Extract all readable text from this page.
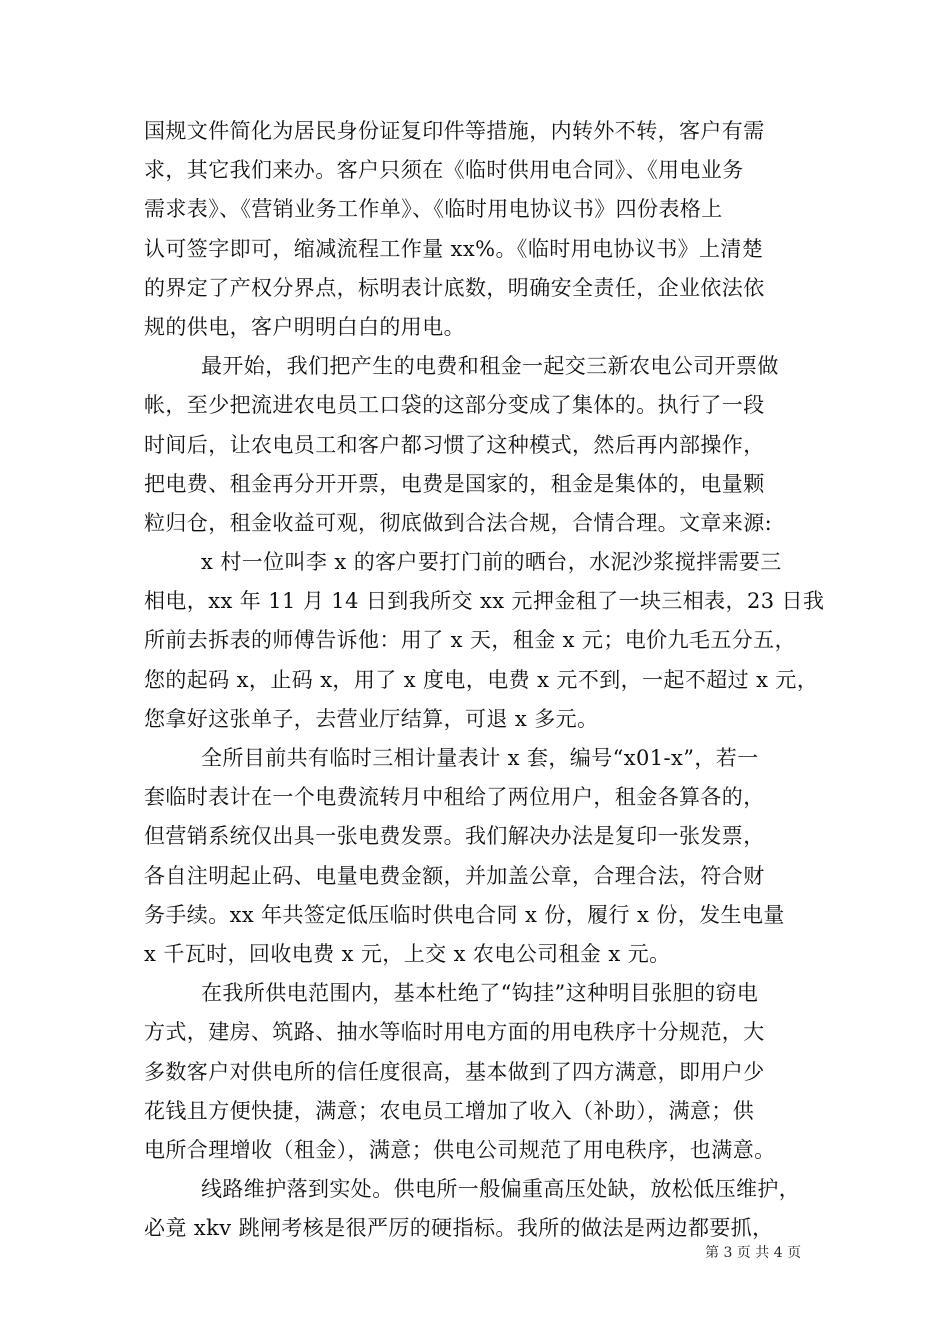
国规文件简化为居民身份证复印件等措施，内转外不转，客户有需
求，其它我们来办。客户只须在《临时供用电合同》、《用电业务
需求表》、《营销业务工作单》、《临时用电协议书》四份表格上
认可签字即可，缩减流程工作量 xx%。《临时用电协议书》上清楚
的界定了产权分界点，标明表计底数，明确安全责任，企业依法依
规的供电，客户明明白白的用电。
最开始，我们把产生的电费和租金一起交三新农电公司开票做
帐，至少把流进农电员工口袋的这部分变成了集体的。执行了一段
时间后，让农电员工和客户都习惯了这种模式，然后再内部操作，
把电费、租金再分开开票，电费是国家的，租金是集体的，电量颗
粒归仓，租金收益可观，彻底做到合法合规，合情合理。文章来源:
x 村一位叫李 x 的客户要打门前的晒台，水泥沙浆搅拌需要三
相电，xx 年 11 月 14 日到我所交 xx 元押金租了一块三相表，23 日我
所前去拆表的师傅告诉他：用了 x 天，租金 x 元；电价九毛五分五，
您的起码 x，止码 x，用了 x 度电，电费 x 元不到，一起不超过 x 元，
您拿好这张单子，去营业厅结算，可退 x 多元。
全所目前共有临时三相计量表计 x 套，编号“x01-x”，若一
套临时表计在一个电费流转月中租给了两位用户，租金各算各的，
但营销系统仅出具一张电费发票。我们解决办法是复印一张发票，
各自注明起止码、电量电费金额，并加盖公章，合理合法，符合财
务手续。xx 年共签定低压临时供电合同 x 份，履行 x 份，发生电量
x 千瓦时，回收电费 x 元，上交 x 农电公司租金 x 元。
在我所供电范围内，基本杜绝了“钩挂”这种明目张胆的窃电
方式，建房、筑路、抽水等临时用电方面的用电秩序十分规范，大
多数客户对供电所的信任度很高，基本做到了四方满意，即用户少
花钱且方便快捷，满意；农电员工增加了收入（补助），满意；供
电所合理增收（租金），满意；供电公司规范了用电秩序，也满意。
线路维护落到实处。供电所一般偏重高压处缺，放松低压维护，
必竟 xkv 跳闸考核是很严厉的硬指标。我所的做法是两边都要抓，
第 3 页 共 4 页
